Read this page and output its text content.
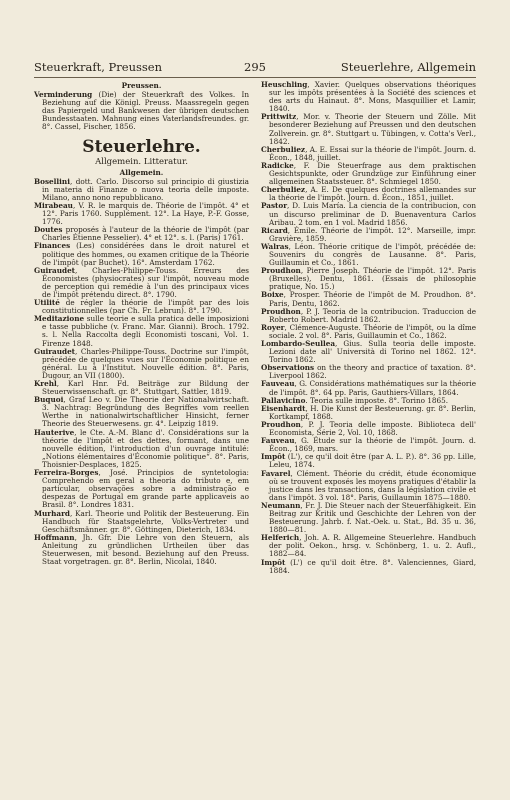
Steuerkraft, Preussen	295	Steuerlehre, Allgemein
Preussen.

Verminderung (Die) der Steuerkraft des Volkes. In Beziehung auf die Königl. Preuss. Maassregeln gegen das Papiergeld und Bankwesen der übrigen deutschen Bundesstaaten. Mahnung eines Vaterlandsfreundes. gr. 8°. Cassel, Fischer, 1856.

Steuerlehre.
Allgemein. Litteratur.
Allgemein.

Bosellini, dott. Carlo. Discorso sul principio di giustizia in materia di Finanze o nuova teoria delle imposte. Milano, anno nono repubblicano.

Mirabeau, V. R. le marquis de. Théorie de l'impôt. 4° et 12°. Paris 1760. Supplément. 12°. La Haye, P.-F. Gosse, 1776.

Doutes proposés à l'auteur de la théorie de l'impôt (par Charles Étienne Pesselier). 4° et 12°. s. l. (Paris) 1761.

Finances (Les) considérées dans le droit naturel et politique des hommes, ou examen critique de la Théorie de l'impôt (par Buchet). 16°. Amsterdam 1762.

Guiraudet, Charles-Philippe-Touss. Erreurs des Économistes (physiocrates) sur l'impôt, nouveau mode de perception qui remédie à l'un des principaux vices de l'impôt prétendu direct. 8°. 1790.

Utilité de régler la théorie de l'impôt par des lois constitutionnelles (par Ch. Fr. Lebrun). 8°. 1790.

Meditazione sulle teorie e sulla pratica delle imposizioni e tasse pubbliche (v. Franc. Mar. Gianni). Broch. 1792. s. l. Nella Raccolta degli Economisti toscani, Vol. 1. Firenze 1848.

Guiraudet, Charles-Philippe-Touss. Doctrine sur l'impôt, précédée de quelques vues sur l'Économie politique en général. Lu à l'Institut. Nouvelle édition. 8°. Paris, Dugour, an VII (1800).

Krehl, Karl Hnr. Fd. Beiträge zur Bildung der Steuerwissenschaft. gr. 8°. Stuttgart, Sattler, 1819.

Buquoi, Graf Leo v. Die Theorie der Nationalwirtschaft. 3. Nachtrag: Begründung des Begriffes vom reellen Werthe in nationalwirtschaftlicher Hinsicht, ferner Theorie des Steuerwesens. gr. 4°. Leipzig 1819.

Hauterive, le Cte. A.-M. Blanc d'. Considérations sur la théorie de l'impôt et des dettes, formant, dans une nouvelle édition, l'introduction d'un ouvrage intitulé: „Notions élémentaires d'Économie politique“. 8°. Paris, Thoisnier-Desplaces, 1825.

Ferreira-Borges, José. Principios de syntetologia: Comprehendo em geral a theoria do tributo e, em particular, observações sobre a administração e despezas de Portugal em grande parte applicaveis ao Brasil. 8°. Londres 1831.

Murhard, Karl. Theorie und Politik der Besteuerung. Ein Handbuch für Staatsgelehrte, Volks-Vertreter und Geschäftsmänner. gr. 8°. Göttingen, Dieterich, 1834.

Hoffmann, Jh. Gfr. Die Lehre von den Steuern, als Anleitung zu gründlichen Urtheilen über das Steuerwesen, mit besond. Beziehung auf den Preuss. Staat vorgetragen. gr. 8°. Berlin, Nicolai, 1840.

Heuschling, Xavier. Quelques observations théoriques sur les impôts présentées à la Société des sciences et des arts du Hainaut. 8°. Mons, Masquillier et Lamir, 1840.

Prittwitz, Mor. v. Theorie der Steuern und Zölle. Mit besonderer Beziehung auf Preussen und den deutschen Zollverein. gr. 8°. Stuttgart u. Tübingen, v. Cotta's Verl., 1842.

Cherbuliez, A. E. Essai sur la théorie de l'impôt. Journ. d. Écon., 1848, juillet.

Radicke, F. Die Steuerfrage aus dem praktischen Gesichtspunkte, oder Grundzüge zur Einführung einer allgemeinen Staatssteuer. 8°. Schmiegel 1850.

Cherbuliez, A. E. De quelques doctrines allemandes sur la théorie de l'impôt. Journ. d. Écon., 1851, juillet.

Pastor, D. Luis María. La ciencia de la contribucion, con un discurso preliminar de D. Buenaventura Carlos Aribau. 2 tom. en 1 vol. Madrid 1856.

Ricard, Émile. Théorie de l'impôt. 12°. Marseille, impr. Gravière, 1859.

Walras, Léon. Théorie critique de l'impôt, précédée de: Souvenirs du congrès de Lausanne. 8°. Paris, Guillaumin et Co., 1861.

Proudhon, Pierre Joseph. Théorie de l'impôt. 12°. Paris (Bruxelles), Dentu, 1861. (Essais de philosophie pratique, No. 15.)

Boixe, Prosper. Théorie de l'impôt de M. Proudhon. 8°. Paris, Dentu, 1862.

Proudhon, P. J. Teoria de la contribucion. Traduccion de Roberto Robert. Madrid 1862.

Royer, Clémence-Auguste. Théorie de l'impôt, ou la dîme sociale. 2 vol. 8°. Paris, Guillaumin et Co., 1862.

Lombardo-Seullea, Gius. Sulla teoria delle imposte. Lezioni date all' Università di Torino nel 1862. 12°. Torino 1862.

Observations on the theory and practice of taxation. 8°. Liverpool 1862.

Fauveau, G. Considérations mathématiques sur la théorie de l'impôt. 8°. 64 pp. Paris, Gauthiers-Villars, 1864.

Pallavicino. Teoria sulle imposte. 8°. Torino 1865.

Eisenhardt, H. Die Kunst der Besteuerung. gr. 8°. Berlin, Kortkampf, 1868.

Proudhon, P. J. Teoria delle imposte. Biblioteca dell' Economista, Série 2, Vol. 10, 1868.

Fauveau, G. Étude sur la théorie de l'impôt. Journ. d. Écon., 1869, mars.

Impôt (L'), ce qu'il doit être (par A. L. P.). 8°. 36 pp. Lille, Leleu, 1874.

Favarel, Clément. Théorie du crédit, étude économique où se trouvent exposés les moyens pratiques d'établir la justice dans les transactions, dans la législation civile et dans l'impôt. 3 vol. 18°. Paris, Guillaumin 1875—1880.

Neumann, Fr. J. Die Steuer nach der Steuerfähigkeit. Ein Beitrag zur Kritik und Geschichte der Lehren von der Besteuerung. Jahrb. f. Nat.-Oek. u. Stat., Bd. 35 u. 36, 1880—81.

Helferich, Joh. A. R. Allgemeine Steuerlehre. Handbuch der polit. Oekon., hrsg. v. Schönberg, 1. u. 2. Aufl., 1882—84.

Impôt (L') ce qu'il doit être. 8°. Valenciennes, Giard, 1884.
